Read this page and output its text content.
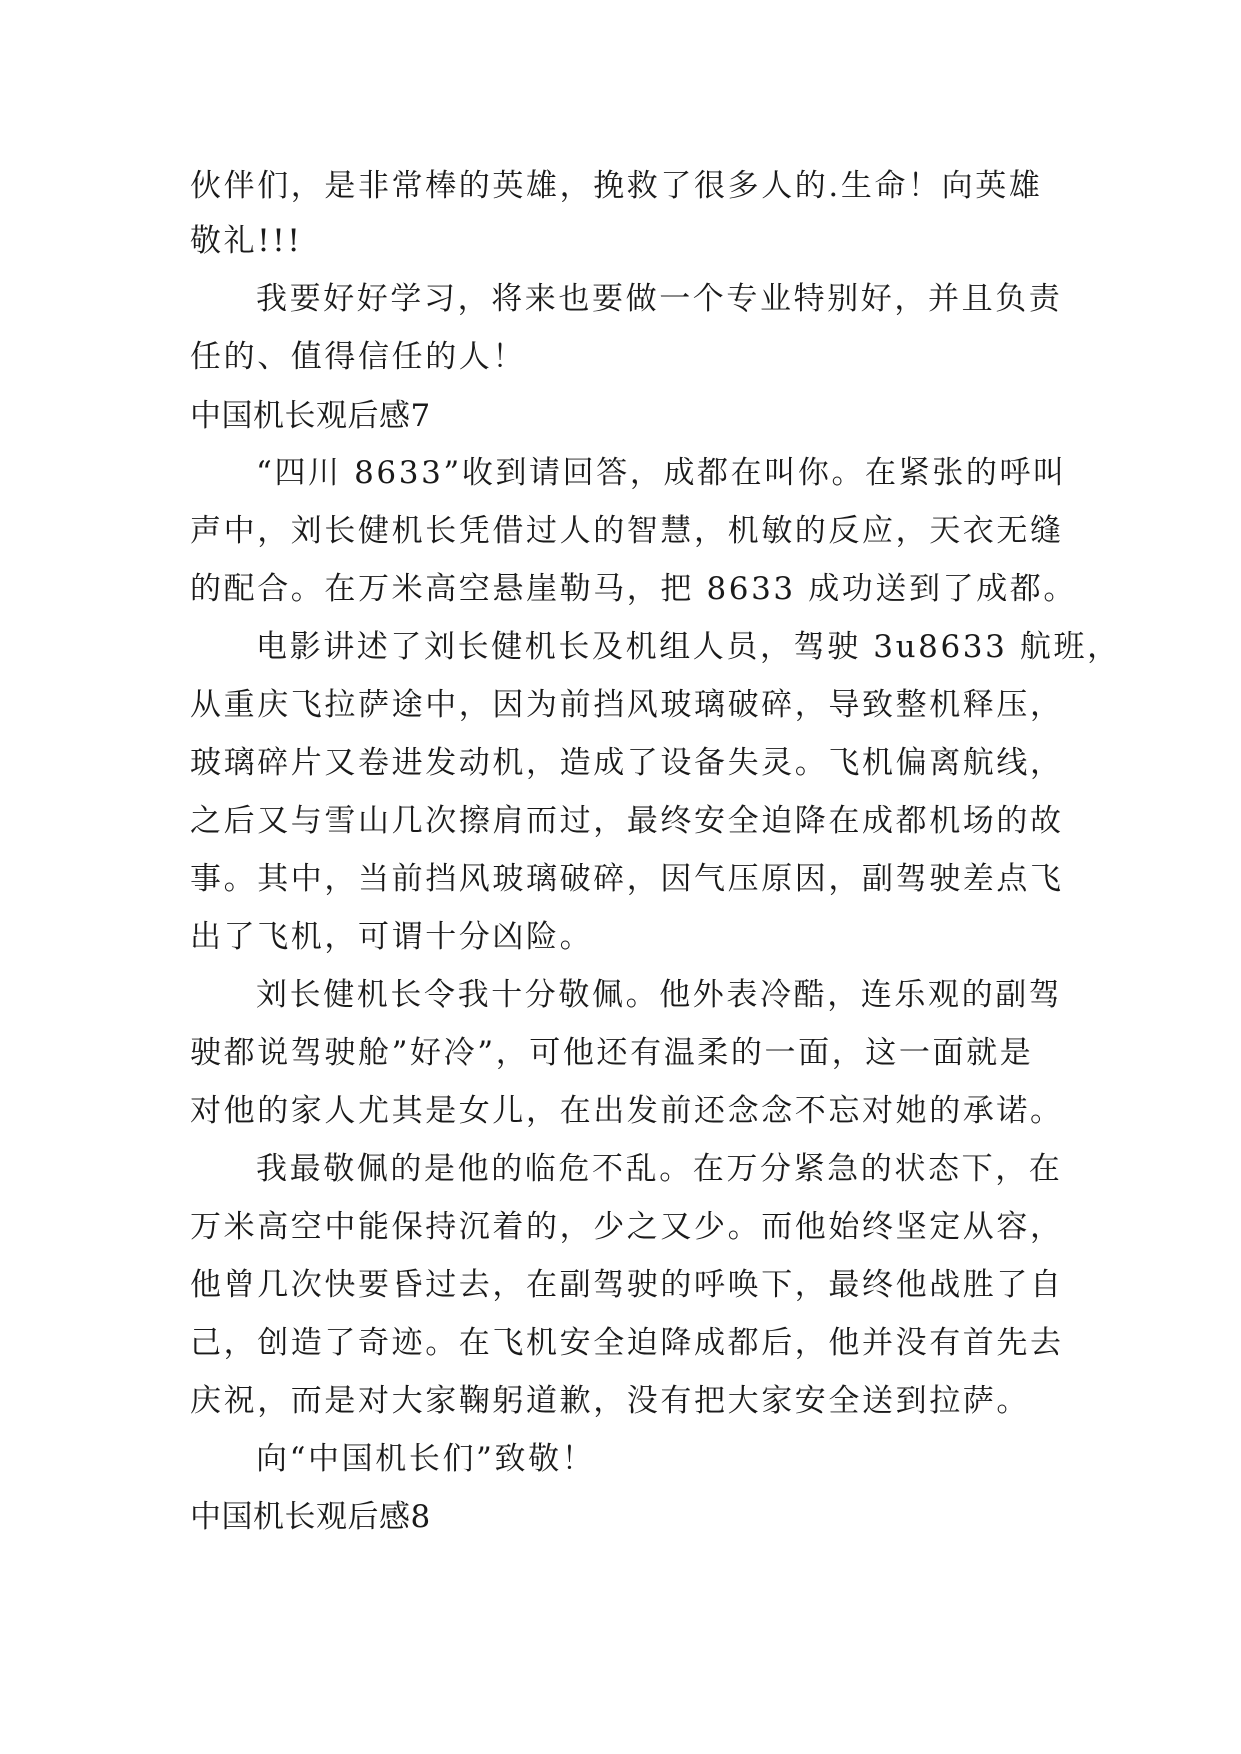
伙伴们，是非常棒的英雄，挽救了很多人的.生命！向英雄
敬礼!!!
我要好好学习，将来也要做一个专业特别好，并且负责
任的、值得信任的人！
中国机长观后感7
“四川 8633”收到请回答，成都在叫你。在紧张的呼叫
声中，刘长健机长凭借过人的智慧，机敏的反应，天衣无缝
的配合。在万米高空悬崖勒马，把 8633 成功送到了成都。
电影讲述了刘长健机长及机组人员，驾驶 3u8633 航班，
从重庆飞拉萨途中，因为前挡风玻璃破碎，导致整机释压，
玻璃碎片又卷进发动机，造成了设备失灵。飞机偏离航线，
之后又与雪山几次擦肩而过，最终安全迫降在成都机场的故
事。其中，当前挡风玻璃破碎，因气压原因，副驾驶差点飞
出了飞机，可谓十分凶险。
刘长健机长令我十分敬佩。他外表冷酷，连乐观的副驾
驶都说驾驶舱”好冷”，可他还有温柔的一面，这一面就是
对他的家人尤其是女儿，在出发前还念念不忘对她的承诺。
我最敬佩的是他的临危不乱。在万分紧急的状态下，在
万米高空中能保持沉着的，少之又少。而他始终坚定从容，
他曾几次快要昏过去，在副驾驶的呼唤下，最终他战胜了自
己，创造了奇迹。在飞机安全迫降成都后，他并没有首先去
庆祝，而是对大家鞠躬道歉，没有把大家安全送到拉萨。
向“中国机长们”致敬！
中国机长观后感8
